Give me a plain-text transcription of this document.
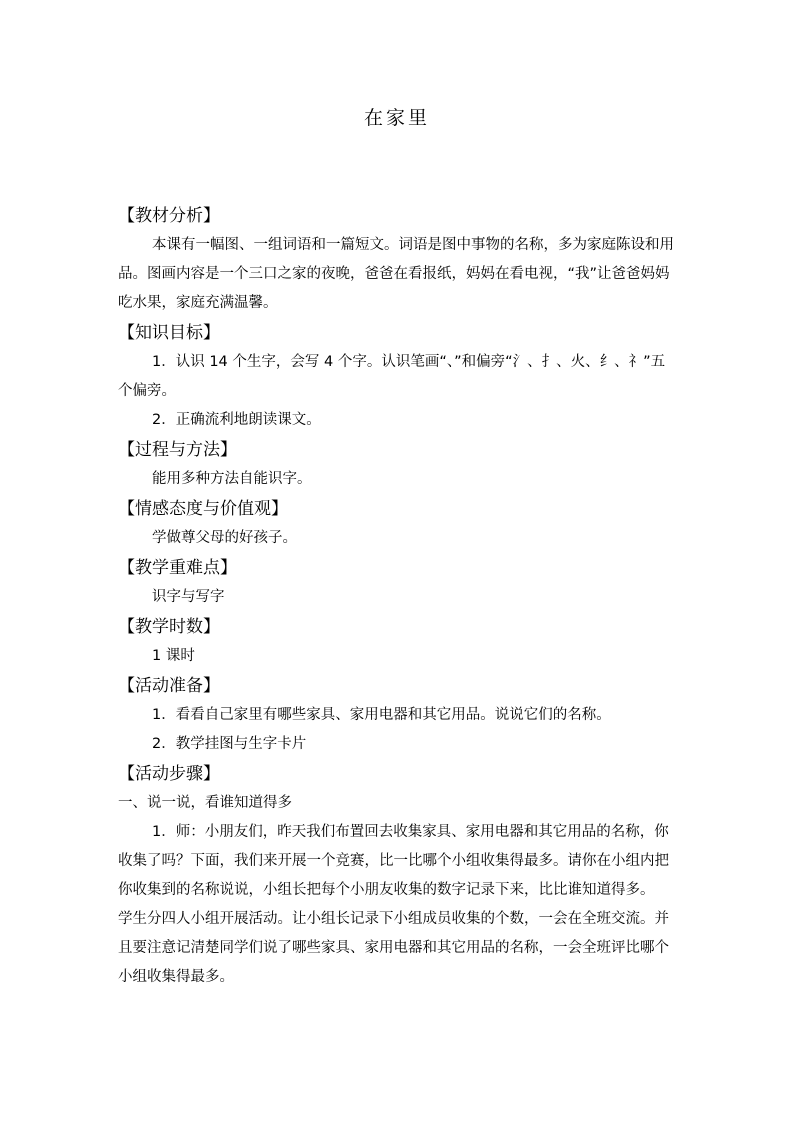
在家里
【教材分析】

本课有一幅图、一组词语和一篇短文。词语是图中事物的名称，多为家庭陈设和用品。图画内容是一个三口之家的夜晚，爸爸在看报纸，妈妈在看电视，“我”让爸爸妈妈吃水果，家庭充满温馨。

【知识目标】

1．认识 14 个生字，会写 4 个字。认识笔画“、”和偏旁“氵、扌、火、纟、礻”五个偏旁。

2．正确流利地朗读课文。

【过程与方法】

能用多种方法自能识字。

【情感态度与价值观】

学做尊父母的好孩子。

【教学重难点】

识字与写字

【教学时数】

1 课时

【活动准备】

1．看看自己家里有哪些家具、家用电器和其它用品。说说它们的名称。

2．教学挂图与生字卡片

【活动步骤】

一、说一说，看谁知道得多

1．师：小朋友们，昨天我们布置回去收集家具、家用电器和其它用品的名称，你收集了吗？下面，我们来开展一个竞赛，比一比哪个小组收集得最多。请你在小组内把你收集到的名称说说，小组长把每个小朋友收集的数字记录下来，比比谁知道得多。

学生分四人小组开展活动。让小组长记录下小组成员收集的个数，一会在全班交流。并且要注意记清楚同学们说了哪些家具、家用电器和其它用品的名称，一会全班评比哪个小组收集得最多。
